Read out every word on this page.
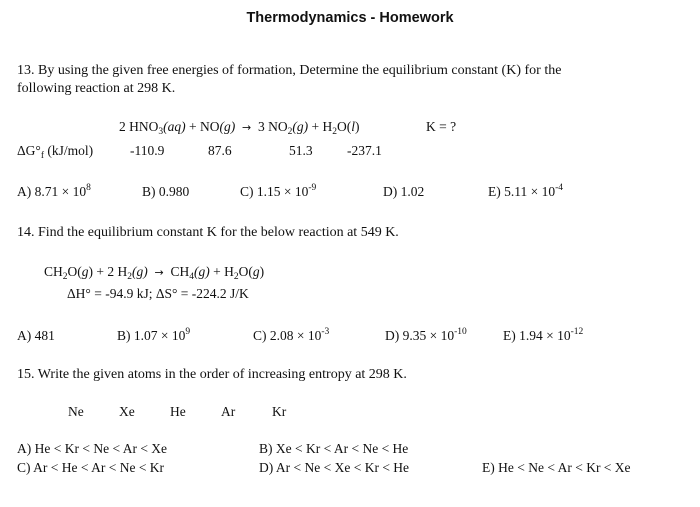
Thermodynamics - Homework
13. By using the given free energies of formation, Determine the equilibrium constant (K) for the
following reaction at 298 K.
2 $HNO_3(aq) + NO(g) \to 3$ $NO_2(g) + H_2O(l)$	K = ?
$\Delta G^\circ_f$ (kJ/mol)	-110.9	87.6	51.3	-237.1
A) $8.71 \times 10^8$	B) 0.980	C) $1.15 \times 10^{-9}$	D) 1.02	E) $5.11 \times 10^{-4}$
14. Find the equilibrium constant K for the below reaction at 549 K.
$CH_2O(g) + 2$ $H_2(g) \to CH_4(g) + H_2O(g)$
ΔH° = -94.9 kJ; ΔS° = -224.2 J/K
A) 481	B) $1.07 \times 10^9$	C) $2.08 \times 10^{-3}$	D) $9.35 \times 10^{-10}$	E) $1.94 \times 10^{-12}$
15. Write the given atoms in the order of increasing entropy at 298 K.
Ne	Xe	He	Ar	Kr
A) He < Kr < Ne < Ar < Xe	B) Xe < Kr < Ar < Ne < He
C) Ar < He < Ar < Ne < Kr	D) Ar < Ne < Xe < Kr < He	E) He < Ne < Ar < Kr < Xe
